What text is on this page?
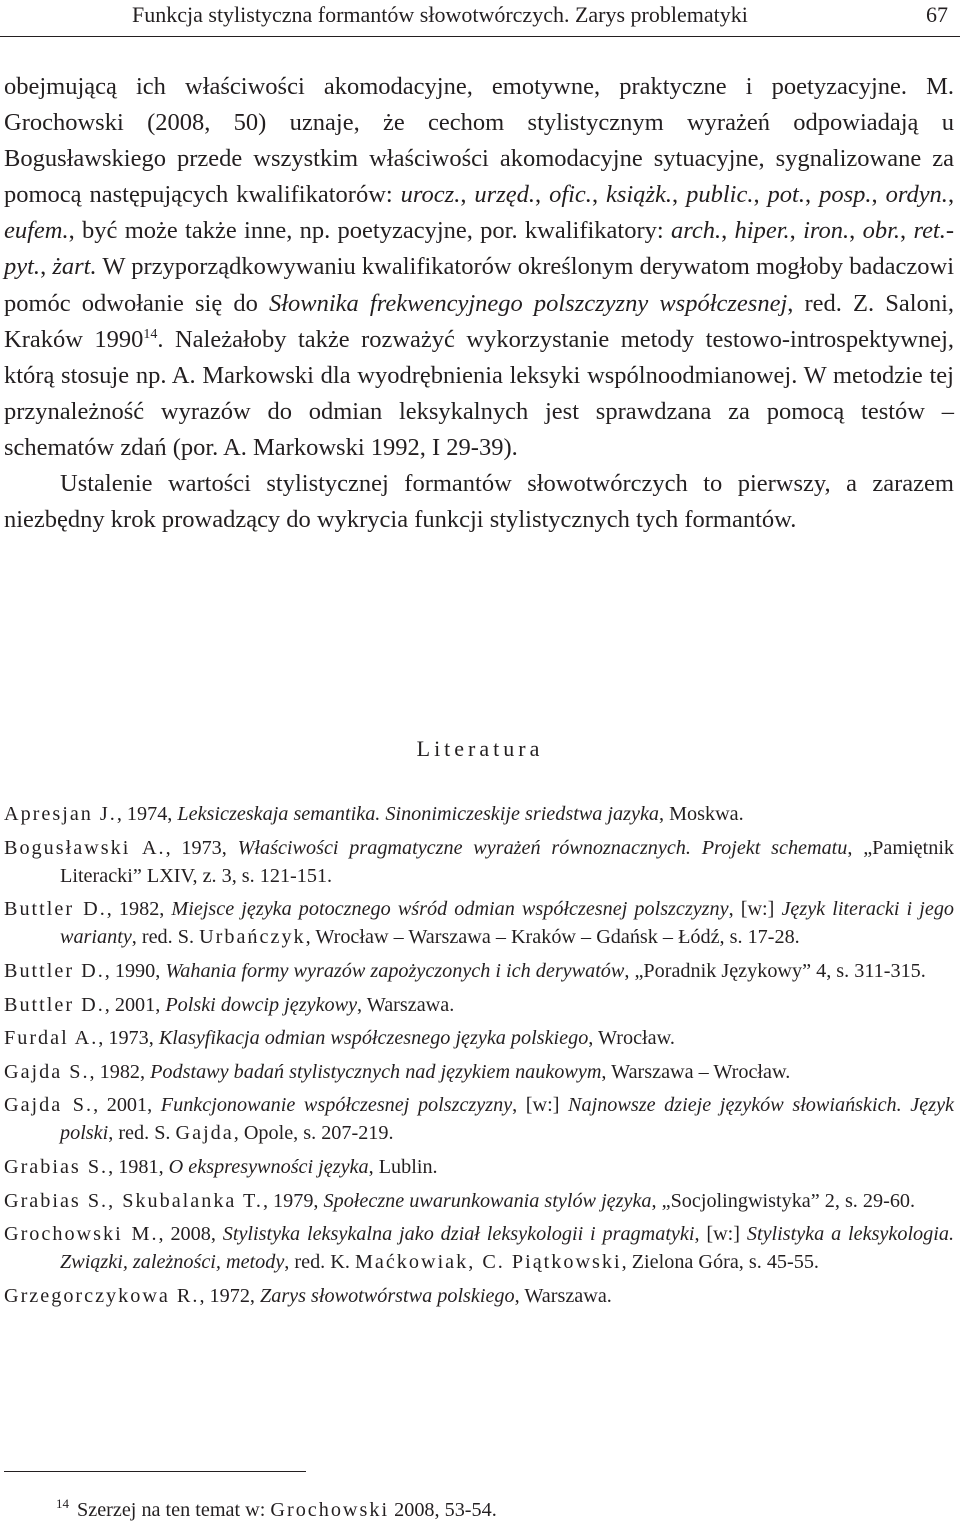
Funkcja stylistyczna formantów słowotwórczych. Zarys problematyki	67

obejmującą ich właściwości akomodacyjne, emotywne, praktyczne i poetyzacyjne. M. Grochowski (2008, 50) uznaje, że cechom stylistycznym wyrażeń odpowiadają u Bogusławskiego przede wszystkim właściwości akomodacyjne sytuacyjne, sygnalizowane za pomocą następujących kwalifikatorów: urocz., urzęd., ofic., książk., public., pot., posp., ordyn., eufem., być może także inne, np. poetyzacyjne, por. kwalifikatory: arch., hiper., iron., obr., ret.-pyt., żart. W przyporządkowywaniu kwalifikatorów określonym derywatom mogłoby badaczowi pomóc odwołanie się do Słownika frekwencyjnego polszczyzny współczesnej, red. Z. Saloni, Kraków 1990$^{14}$. Należałoby także rozważyć wykorzystanie metody testowo-introspektywnej, którą stosuje np. A. Markowski dla wyodrębnienia leksyki wspólnoodmianowej. W metodzie tej przynależność wyrazów do odmian leksykalnych jest sprawdzana za pomocą testów – schematów zdań (por. A. Markowski 1992, I 29-39).

Ustalenie wartości stylistycznej formantów słowotwórczych to pierwszy, a zarazem niezbędny krok prowadzący do wykrycia funkcji stylistycznych tych formantów.

Literatura

Apresjan J., 1974, Leksiczeskaja semantika. Sinonimiczeskije sriedstwa jazyka, Moskwa.

Bogusławski A., 1973, Właściwości pragmatyczne wyrażeń równoznacznych. Projekt schematu, „Pamiętnik Literacki” LXIV, z. 3, s. 121-151.

Buttler D., 1982, Miejsce języka potocznego wśród odmian współczesnej polszczyzny, [w:] Język literacki i jego warianty, red. S. Urbańczyk, Wrocław – Warszawa – Kraków – Gdańsk – Łódź, s. 17-28.

Buttler D., 1990, Wahania formy wyrazów zapożyczonych i ich derywatów, „Poradnik Językowy” 4, s. 311-315.

Buttler D., 2001, Polski dowcip językowy, Warszawa.

Furdal A., 1973, Klasyfikacja odmian współczesnego języka polskiego, Wrocław.

Gajda S., 1982, Podstawy badań stylistycznych nad językiem naukowym, Warszawa – Wrocław.

Gajda S., 2001, Funkcjonowanie współczesnej polszczyzny, [w:] Najnowsze dzieje języków słowiańskich. Język polski, red. S. Gajda, Opole, s. 207-219.

Grabias S., 1981, O ekspresywności języka, Lublin.

Grabias S., Skubalanka T., 1979, Społeczne uwarunkowania stylów języka, „Socjolingwistyka” 2, s. 29-60.

Grochowski M., 2008, Stylistyka leksykalna jako dział leksykologii i pragmatyki, [w:] Stylistyka a leksykologia. Związki, zależności, metody, red. K. Maćkowiak, C. Piątkowski, Zielona Góra, s. 45-55.

Grzegorczykowa R., 1972, Zarys słowotwórstwa polskiego, Warszawa.

$^{14}$ Szerzej na ten temat w: Grochowski 2008, 53-54.
